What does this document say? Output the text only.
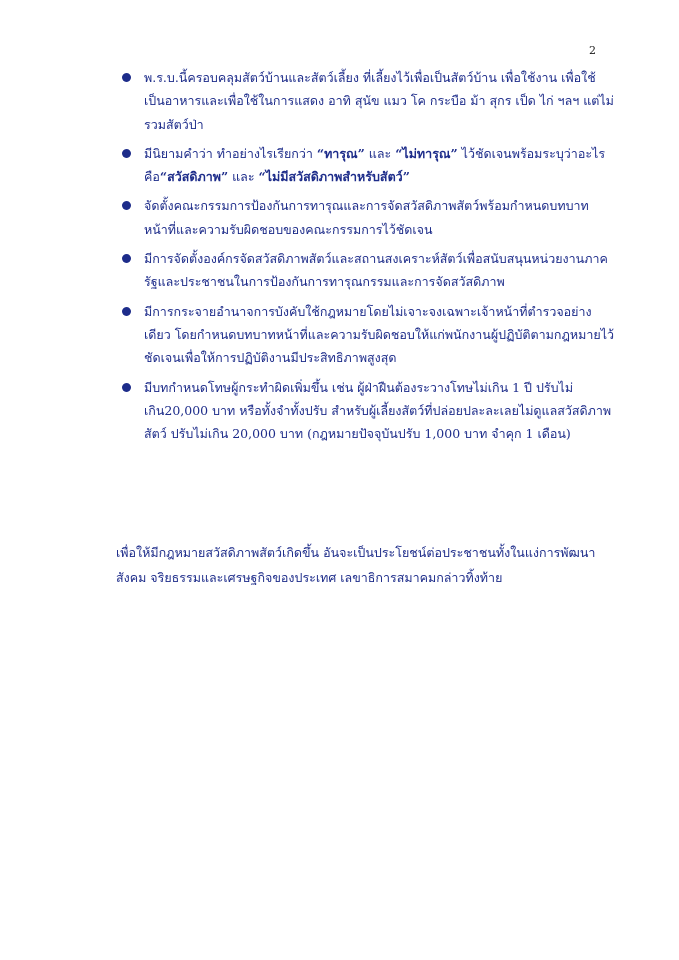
2
พ.ร.บ.นี้ครอบคลุมสัตว์บ้านและสัตว์เลี้ยง ที่เลี้ยงไว้เพื่อเป็นสัตว์บ้าน เพื่อใช้งาน เพื่อใช้เป็นอาหารและเพื่อใช้ในการแสดง อาทิ สุนัข แมว โค กระบือ ม้า สุกร เป็ด ไก่ ฯลฯ แต่ไม่รวมสัตว์ป่า
มีนิยามคำว่า ทำอย่างไรเรียกว่า “ทารุณ” และ “ไม่ทารุณ” ไว้ชัดเจนพร้อมระบุว่าอะไรคือ“สวัสดิภาพ” และ “ไม่มีสวัสดิภาพสำหรับสัตว์”
จัดตั้งคณะกรรมการป้องกันการทารุณและการจัดสวัสดิภาพสัตว์พร้อมกำหนดบทบาทหน้าที่และความรับผิดชอบของคณะกรรมการไว้ชัดเจน
มีการจัดตั้งองค์กรจัดสวัสดิภาพสัตว์และสถานสงเคราะห์สัตว์เพื่อสนับสนุนหน่วยงานภาครัฐและประชาชนในการป้องกันการทารุณกรรมและการจัดสวัสดิภาพ
มีการกระจายอำนาจการบังคับใช้กฎหมายโดยไม่เจาะจงเฉพาะเจ้าหน้าที่ตำรวจอย่างเดียว โดยกำหนดบทบาทหน้าที่และความรับผิดชอบให้แก่พนักงานผู้ปฏิบัติตามกฎหมายไว้ชัดเจนเพื่อให้การปฏิบัติงานมีประสิทธิภาพสูงสุด
มีบทกำหนดโทษผู้กระทำผิดเพิ่มขึ้น เช่น ผู้ฝ่าฝืนต้องระวางโทษไม่เกิน 1 ปี ปรับไม่เกิน20,000 บาท หรือทั้งจำทั้งปรับ สำหรับผู้เลี้ยงสัตว์ที่ปล่อยปละละเลยไม่ดูแลสวัสดิภาพสัตว์ ปรับไม่เกิน 20,000 บาท (กฎหมายปัจจุบันปรับ 1,000 บาท จำคุก 1 เดือน)

เพื่อให้มีกฎหมายสวัสดิภาพสัตว์เกิดขึ้น อันจะเป็นประโยชน์ต่อประชาชนทั้งในแง่การพัฒนาสังคม จริยธรรมและเศรษฐกิจของประเทศ เลขาธิการสมาคมกล่าวทิ้งท้าย
